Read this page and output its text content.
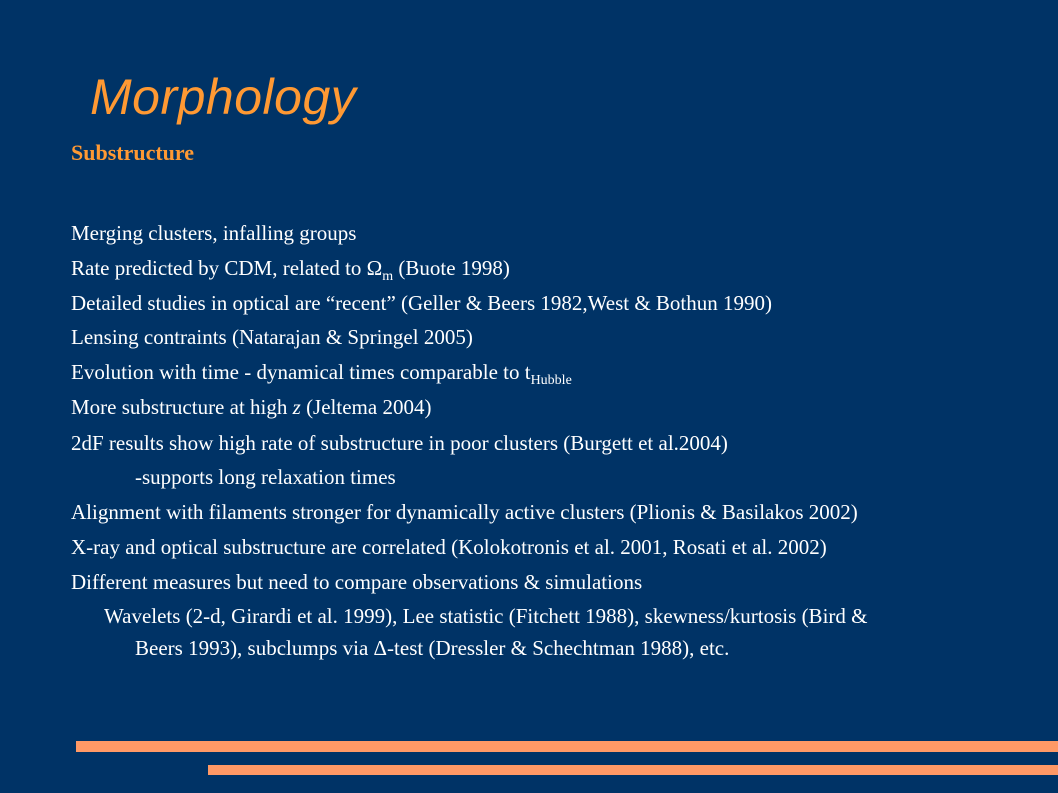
Morphology
Substructure
Merging clusters, infalling groups
Rate predicted by CDM, related to $\Omega_m$ (Buote 1998)
Detailed studies in optical are “recent” (Geller & Beers 1982,West & Bothun 1990)
Lensing contraints (Natarajan & Springel 2005)
Evolution with time - dynamical times comparable to $t_{Hubble}$
More substructure at high z (Jeltema 2004)
2dF results show high rate of substructure in poor clusters (Burgett et al.2004)
-supports long relaxation times
Alignment with filaments stronger for dynamically active clusters (Plionis & Basilakos 2002)
X-ray and optical substructure are correlated (Kolokotronis et al. 2001, Rosati et al. 2002)
Different measures but need to compare observations & simulations
Wavelets (2-d, Girardi et al. 1999), Lee statistic (Fitchett 1988), skewness/kurtosis (Bird &
Beers 1993), subclumps via Δ-test (Dressler & Schechtman 1988), etc.
